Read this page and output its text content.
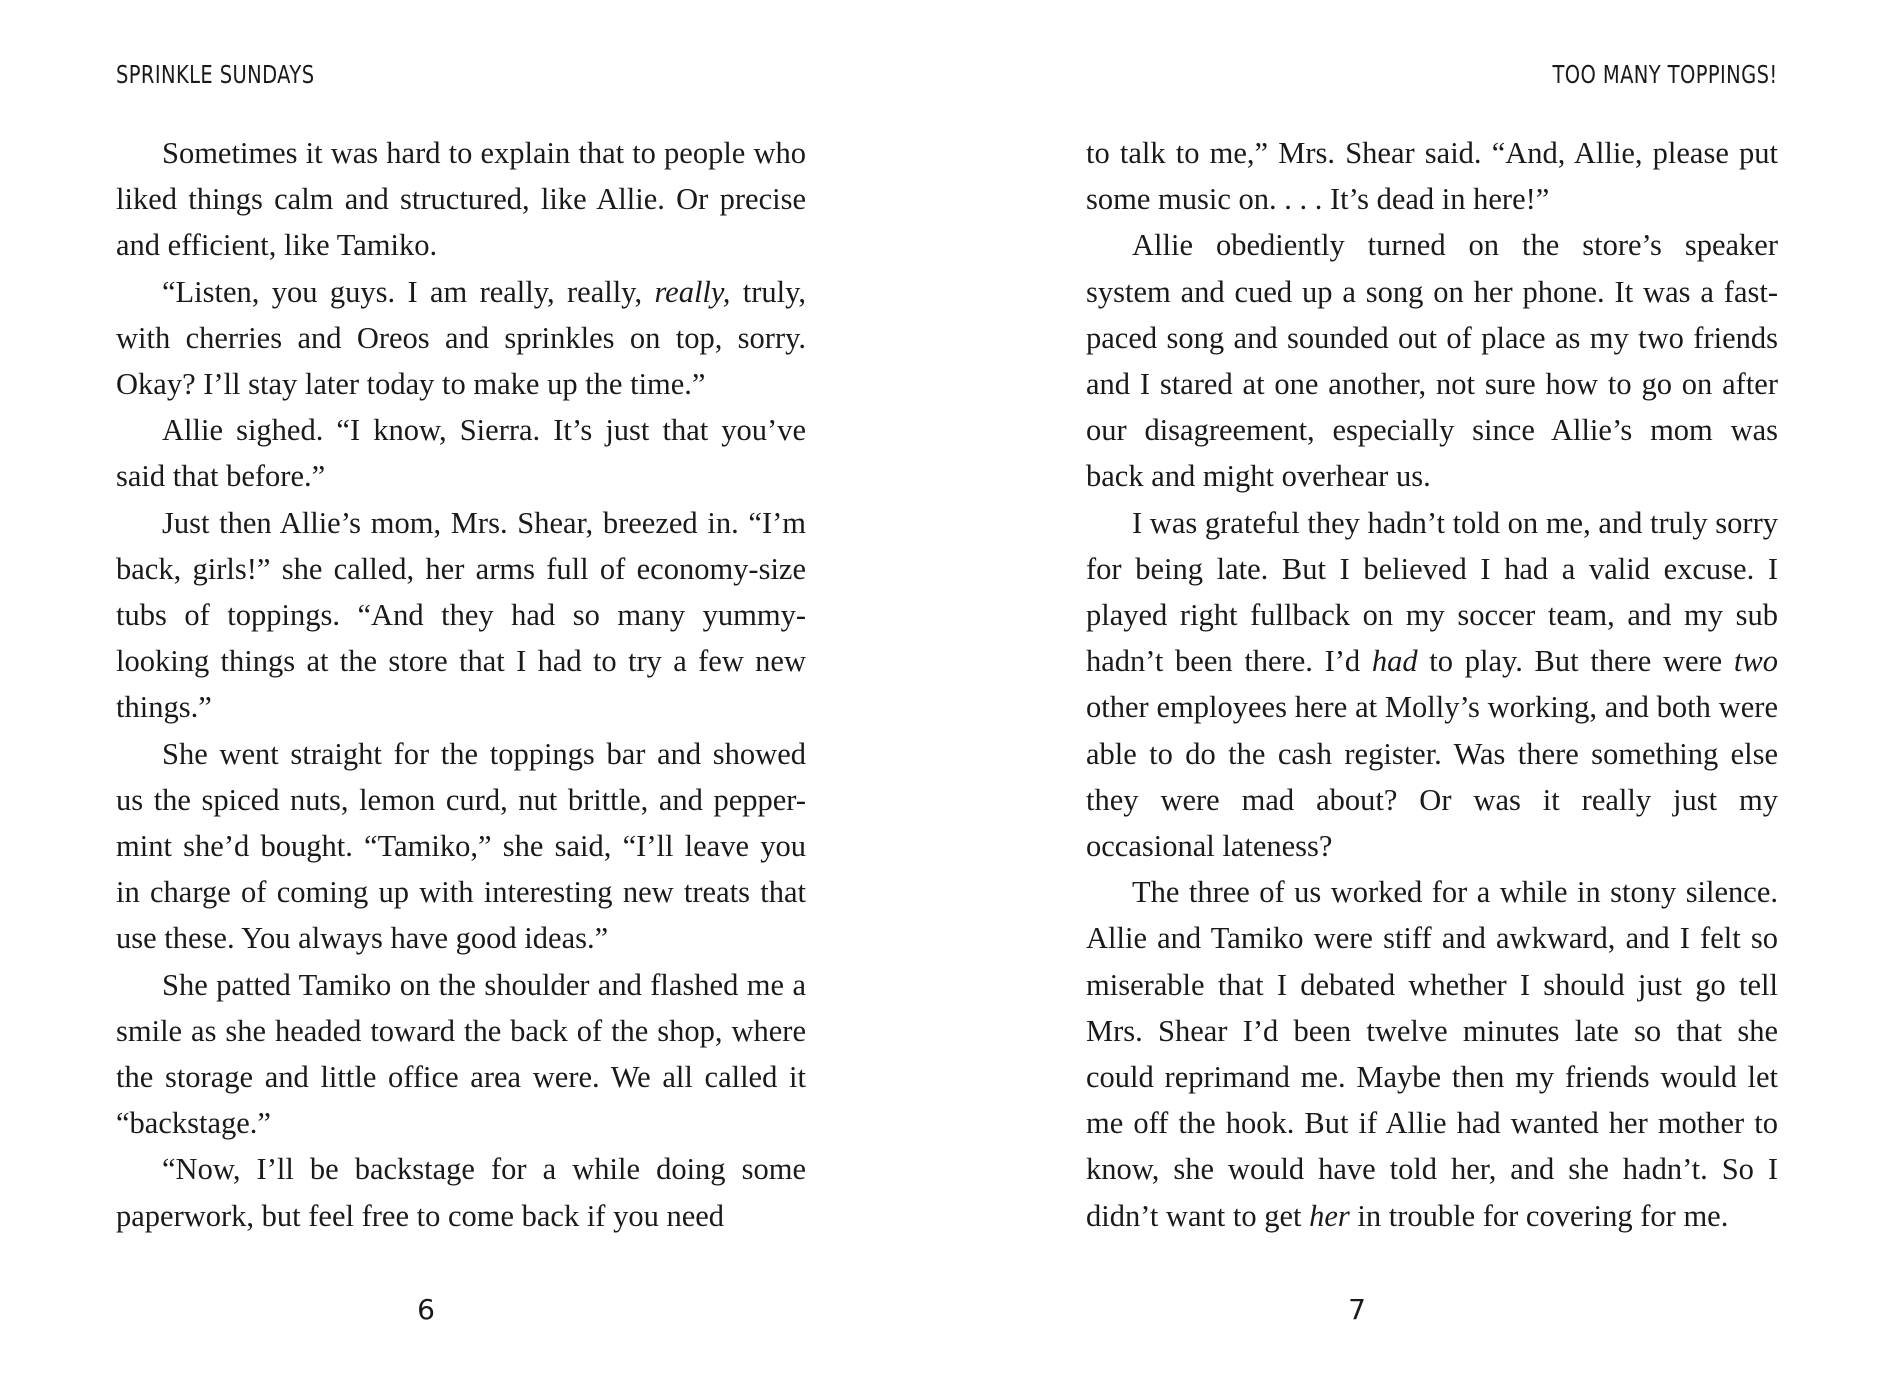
SPRINKLE SUNDAYS

Sometimes it was hard to explain that to people who liked things calm and structured, like Allie. Or precise and efficient, like Tamiko.

“Listen, you guys. I am really, really, really, truly, with cherries and Oreos and sprinkles on top, sorry. Okay? I’ll stay later today to make up the time.”

Allie sighed. “I know, Sierra. It’s just that you’ve said that before.”

Just then Allie’s mom, Mrs. Shear, breezed in. “I’m back, girls!” she called, her arms full of economy-size tubs of toppings. “And they had so many yummy-looking things at the store that I had to try a few new things.”

She went straight for the toppings bar and showed us the spiced nuts, lemon curd, nut brittle, and pepper-mint she’d bought. “Tamiko,” she said, “I’ll leave you in charge of coming up with interesting new treats that use these. You always have good ideas.”

She patted Tamiko on the shoulder and flashed me a smile as she headed toward the back of the shop, where the storage and little office area were. We all called it “backstage.”

“Now, I’ll be backstage for a while doing some paperwork, but feel free to come back if you need

6
TOO MANY TOPPINGS!

to talk to me,” Mrs. Shear said. “And, Allie, please put some music on. . . . It’s dead in here!”

Allie obediently turned on the store’s speaker system and cued up a song on her phone. It was a fast-paced song and sounded out of place as my two friends and I stared at one another, not sure how to go on after our disagreement, especially since Allie’s mom was back and might overhear us.

I was grateful they hadn’t told on me, and truly sorry for being late. But I believed I had a valid excuse. I played right fullback on my soccer team, and my sub hadn’t been there. I’d had to play. But there were two other employees here at Molly’s working, and both were able to do the cash register. Was there something else they were mad about? Or was it really just my occasional lateness?

The three of us worked for a while in stony silence. Allie and Tamiko were stiff and awkward, and I felt so miserable that I debated whether I should just go tell Mrs. Shear I’d been twelve minutes late so that she could reprimand me. Maybe then my friends would let me off the hook. But if Allie had wanted her mother to know, she would have told her, and she hadn’t. So I didn’t want to get her in trouble for covering for me.

7
